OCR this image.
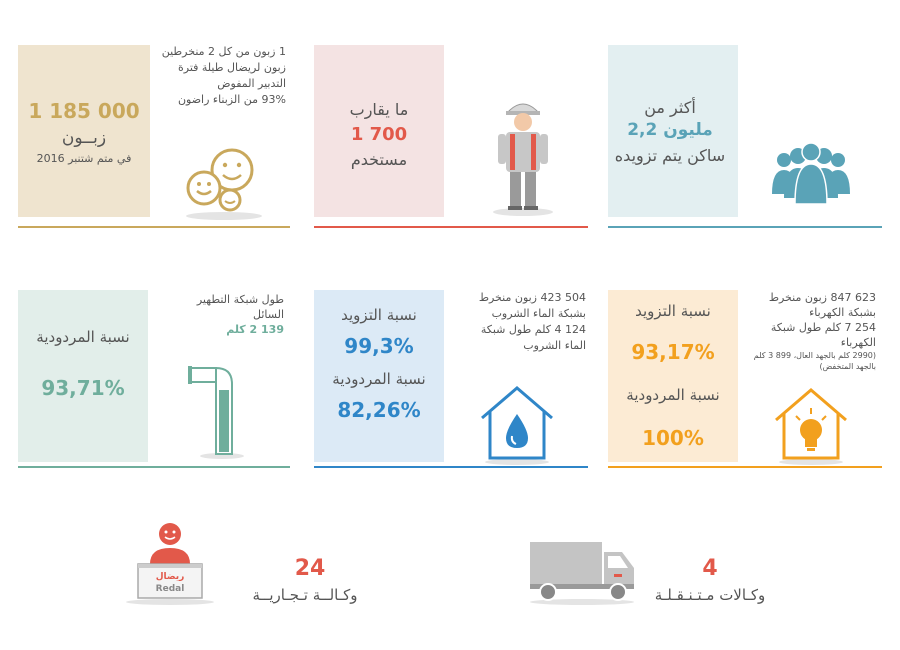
1 185 000
زبــون
في متم شتنبر 2016
1 زبون من كل 2 منخرطين
زبون لريضال طيلة فترة
التدبير المفوض
93% من الزبناء راضون
ما يقارب
1 700
مستخدم
أكثر من
مليون 2,2
ساكن يتم تزويده
نسبة المردودية
93,71%
طول شبكة التطهير
السائل
139 2 كلم
نسبة التزويد
99,3%
نسبة المردودية
82,26%
504 423 زبون منخرط
بشبكة الماء الشروب
124 4 كلم طول شبكة
الماء الشروب
نسبة التزويد
93,17%
نسبة المردودية
100%
623 847 زبون منخرط
بشبكة الكهرباء
254 7 كلم طول شبكة
الكهرباء
(2990 كلم بالجهد العال، 899 3 كلم
بالجهد المتخفض)
ريضال
Redal
24
وكـالــة تـجـاريــة
4
وكـالات مـتـنـقـلـة
